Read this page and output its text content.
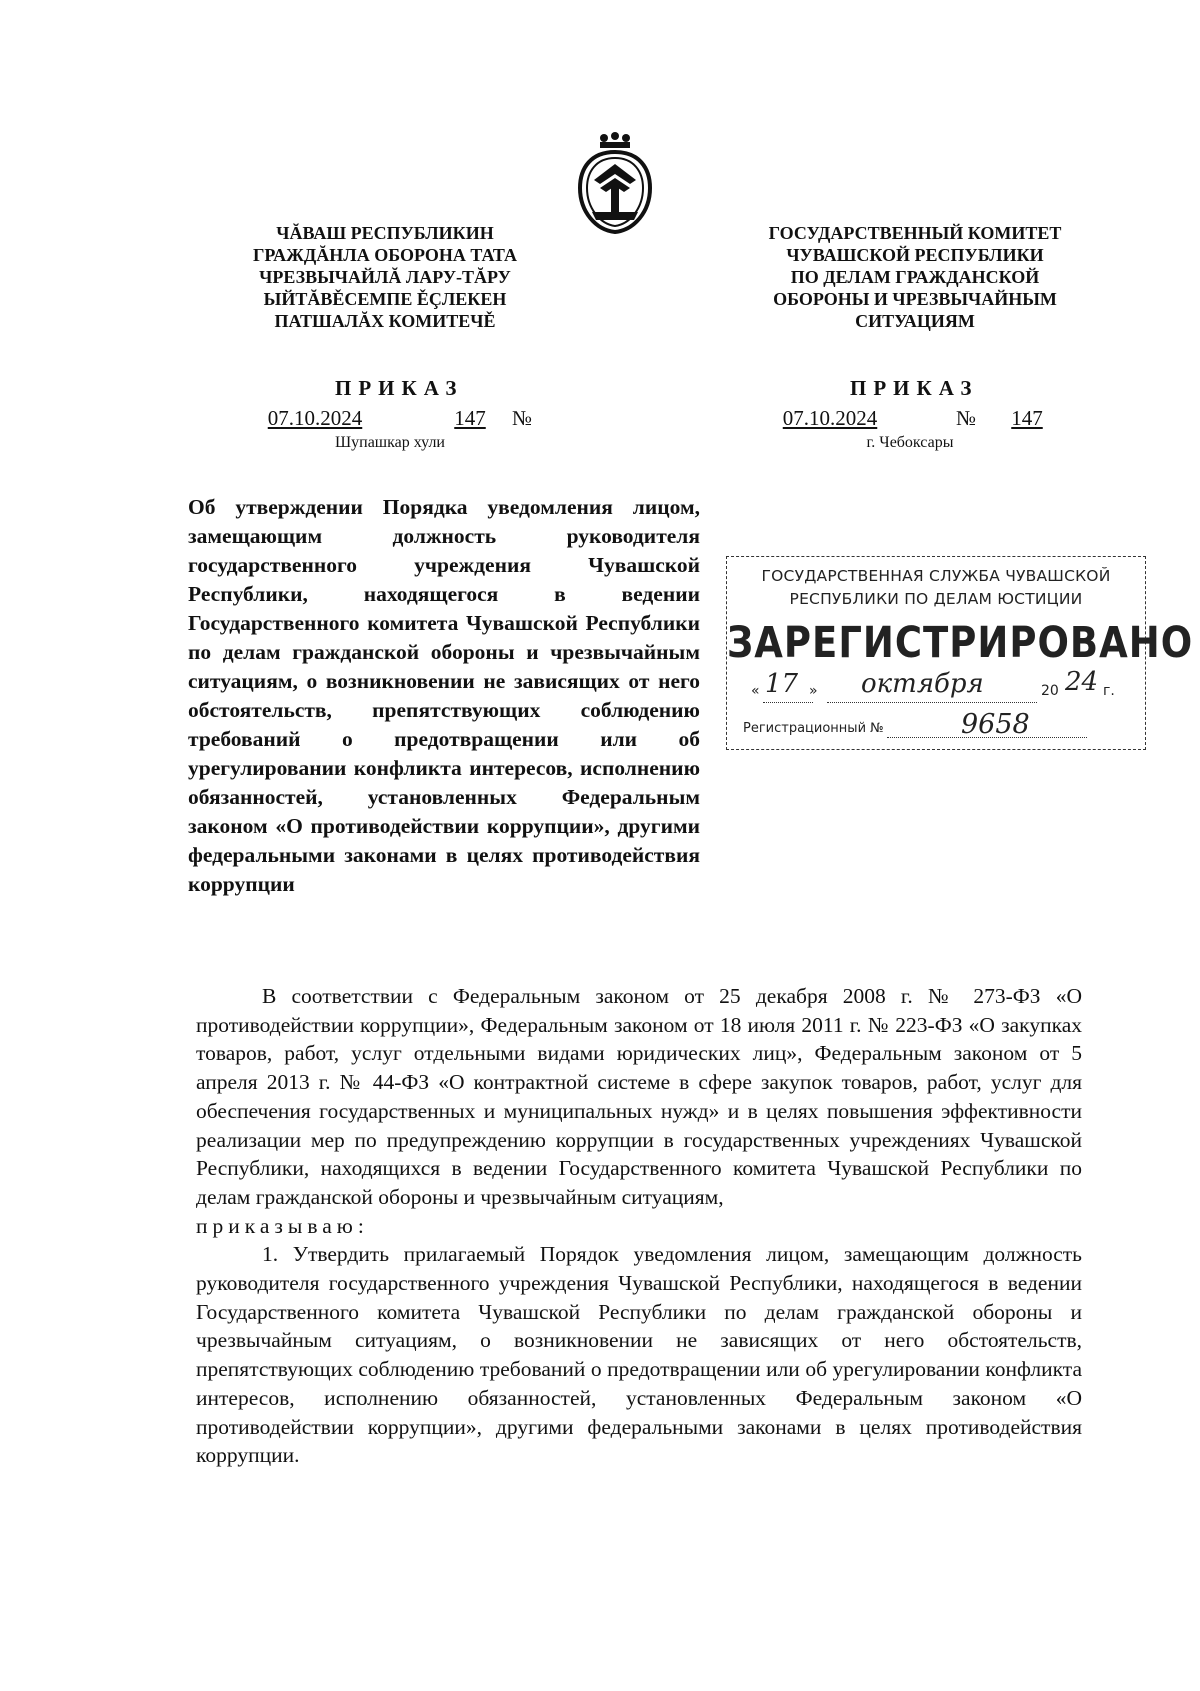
ЧĂВАШ РЕСПУБЛИКИН
ГРАЖДĂНЛА ОБОРОНА ТАТА
ЧРЕЗВЫЧАЙЛĂ ЛАРУ-ТĂРУ
ЫЙТĂВĚСЕМПЕ ĚÇЛЕКЕН
ПАТШАЛĂХ КОМИТЕЧĚ
ГОСУДАРСТВЕННЫЙ КОМИТЕТ
ЧУВАШСКОЙ РЕСПУБЛИКИ
ПО ДЕЛАМ ГРАЖДАНСКОЙ
ОБОРОНЫ И ЧРЕЗВЫЧАЙНЫМ
СИТУАЦИЯМ
ПРИКАЗ	ПРИКАЗ
07.10.2024	147	№
Шупашкар хули
07.10.2024	№	147
г. Чебоксары
Об утверждении Порядка уведомления лицом, замещающим должность руководителя государственного учреждения Чувашской Республики, находящегося в ведении Государственного комитета Чувашской Республики по делам гражданской обороны и чрезвычайным ситуациям, о возникновении не зависящих от него обстоятельств, препятствующих соблюдению требований о предотвращении или об урегулировании конфликта интересов, исполнению обязанностей, установленных Федеральным законом «О противодействии коррупции», другими федеральными законами в целях противодействия коррупции
ГОСУДАРСТВЕННАЯ СЛУЖБА ЧУВАШСКОЙ
РЕСПУБЛИКИ ПО ДЕЛАМ ЮСТИЦИИ
ЗАРЕГИСТРИРОВАНО
« 17 » октября	20 24 г.
Регистрационный №	9658

В соответствии с Федеральным законом от 25 декабря 2008 г. № 273-ФЗ «О противодействии коррупции», Федеральным законом от 18 июля 2011 г. № 223-ФЗ «О закупках товаров, работ, услуг отдельными видами юридических лиц», Федеральным законом от 5 апреля 2013 г. № 44-ФЗ «О контрактной системе в сфере закупок товаров, работ, услуг для обеспечения государственных и муниципальных нужд» и в целях повышения эффективности реализации мер по предупреждению коррупции в государственных учреждениях Чувашской Республики, находящихся в ведении Государственного комитета Чувашской Республики по делам гражданской обороны и чрезвычайным ситуациям,

приказываю:

1. Утвердить прилагаемый Порядок уведомления лицом, замещающим должность руководителя государственного учреждения Чувашской Республики, находящегося в ведении Государственного комитета Чувашской Республики по делам гражданской обороны и чрезвычайным ситуациям, о возникновении не зависящих от него обстоятельств, препятствующих соблюдению требований о предотвращении или об урегулировании конфликта интересов, исполнению обязанностей, установленных Федеральным законом «О противодействии коррупции», другими федеральными законами в целях противодействия коррупции.
